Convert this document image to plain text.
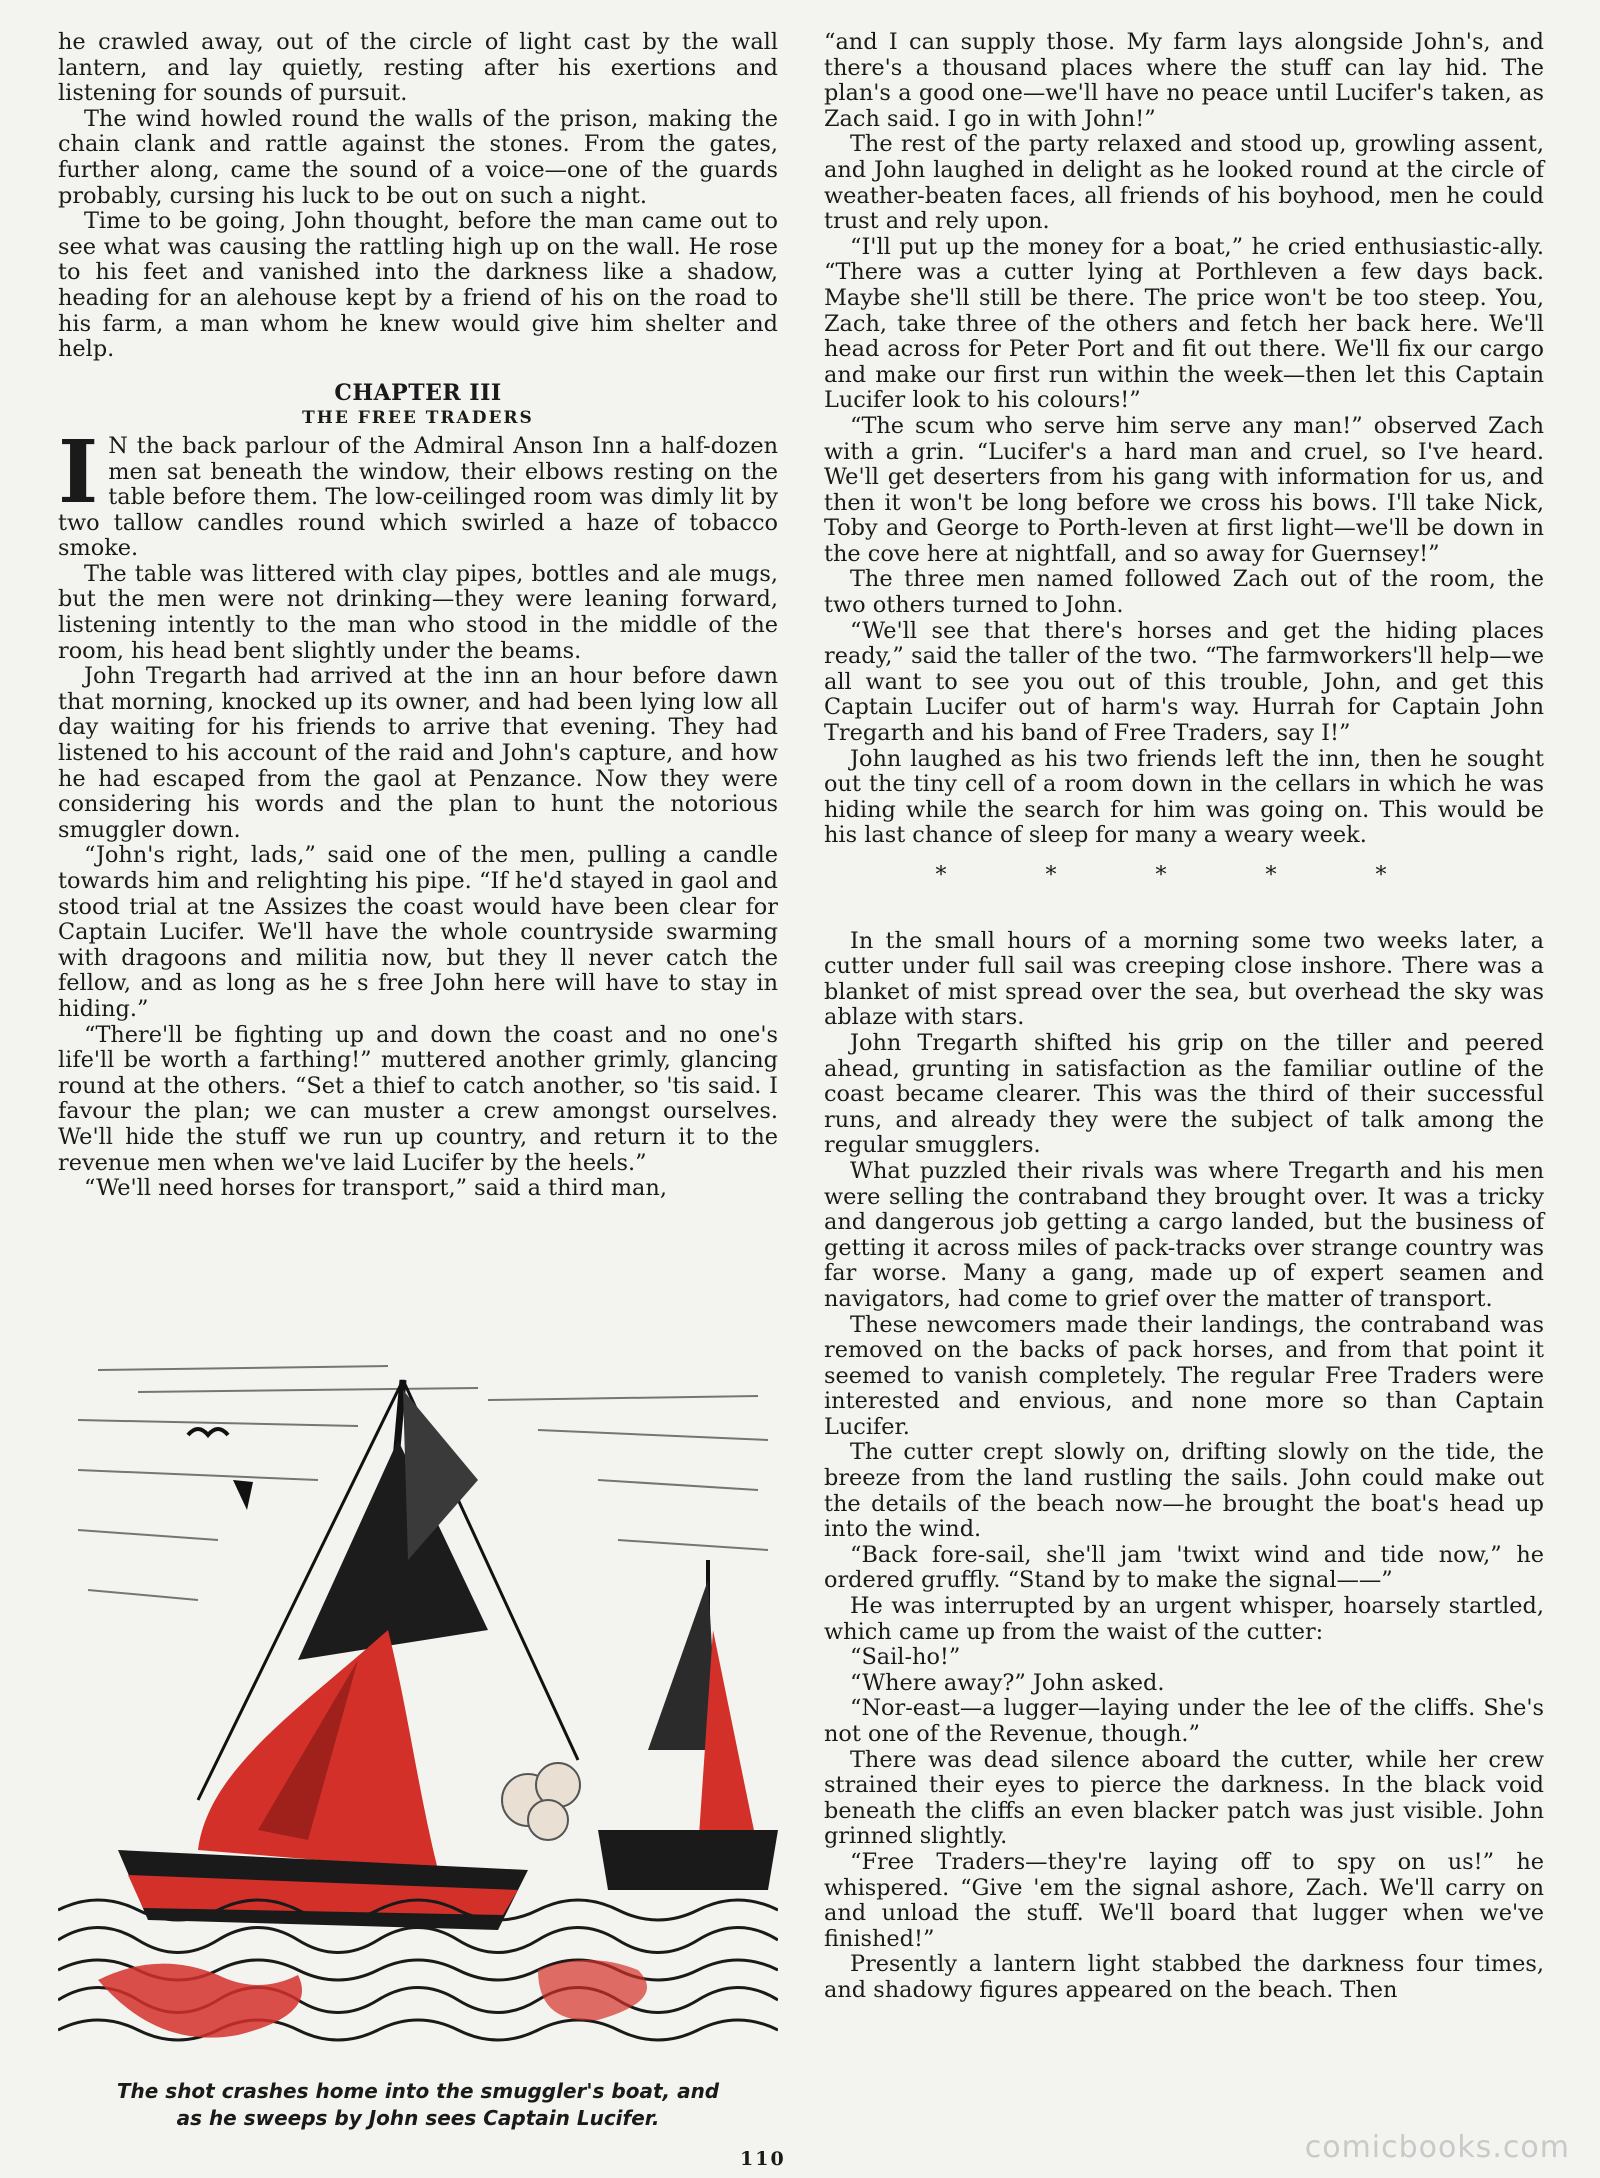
he crawled away, out of the circle of light cast by the wall lantern, and lay quietly, resting after his exertions and listening for sounds of pursuit.

The wind howled round the walls of the prison, making the chain clank and rattle against the stones. From the gates, further along, came the sound of a voice—one of the guards probably, cursing his luck to be out on such a night.

Time to be going, John thought, before the man came out to see what was causing the rattling high up on the wall. He rose to his feet and vanished into the darkness like a shadow, heading for an alehouse kept by a friend of his on the road to his farm, a man whom he knew would give him shelter and help.

CHAPTER III
THE FREE TRADERS

I N the back parlour of the Admiral Anson Inn a half-dozen men sat beneath the window, their elbows resting on the table before them. The low-ceilinged room was dimly lit by two tallow candles round which swirled a haze of tobacco smoke.

The table was littered with clay pipes, bottles and ale mugs, but the men were not drinking—they were leaning forward, listening intently to the man who stood in the middle of the room, his head bent slightly under the beams.

John Tregarth had arrived at the inn an hour before dawn that morning, knocked up its owner, and had been lying low all day waiting for his friends to arrive that evening. They had listened to his account of the raid and John's capture, and how he had escaped from the gaol at Penzance. Now they were considering his words and the plan to hunt the notorious smuggler down.

“John's right, lads,” said one of the men, pulling a candle towards him and relighting his pipe. “If he'd stayed in gaol and stood trial at tne Assizes the coast would have been clear for Captain Lucifer. We'll have the whole countryside swarming with dragoons and militia now, but they ll never catch the fellow, and as long as he s free John here will have to stay in hiding.”

“There'll be fighting up and down the coast and no one's life'll be worth a farthing!” muttered another grimly, glancing round at the others. “Set a thief to catch another, so 'tis said. I favour the plan; we can muster a crew amongst ourselves. We'll hide the stuff we run up country, and return it to the revenue men when we've laid Lucifer by the heels.”

“We'll need horses for transport,” said a third man,

The shot crashes home into the smuggler's boat, and
as he sweeps by John sees Captain Lucifer.

“and I can supply those. My farm lays alongside John's, and there's a thousand places where the stuff can lay hid. The plan's a good one—we'll have no peace until Lucifer's taken, as Zach said. I go in with John!”

The rest of the party relaxed and stood up, growling assent, and John laughed in delight as he looked round at the circle of weather-beaten faces, all friends of his boyhood, men he could trust and rely upon.

“I'll put up the money for a boat,” he cried enthusiastic-ally. “There was a cutter lying at Porthleven a few days back. Maybe she'll still be there. The price won't be too steep. You, Zach, take three of the others and fetch her back here. We'll head across for Peter Port and fit out there. We'll fix our cargo and make our first run within the week—then let this Captain Lucifer look to his colours!”

“The scum who serve him serve any man!” observed Zach with a grin. “Lucifer's a hard man and cruel, so I've heard. We'll get deserters from his gang with information for us, and then it won't be long before we cross his bows. I'll take Nick, Toby and George to Porth-leven at first light—we'll be down in the cove here at nightfall, and so away for Guernsey!”

The three men named followed Zach out of the room, the two others turned to John.

“We'll see that there's horses and get the hiding places ready,” said the taller of the two. “The farmworkers'll help—we all want to see you out of this trouble, John, and get this Captain Lucifer out of harm's way. Hurrah for Captain John Tregarth and his band of Free Traders, say I!”

John laughed as his two friends left the inn, then he sought out the tiny cell of a room down in the cellars in which he was hiding while the search for him was going on. This would be his last chance of sleep for many a weary week.

* * * * *

In the small hours of a morning some two weeks later, a cutter under full sail was creeping close inshore. There was a blanket of mist spread over the sea, but overhead the sky was ablaze with stars.

John Tregarth shifted his grip on the tiller and peered ahead, grunting in satisfaction as the familiar outline of the coast became clearer. This was the third of their successful runs, and already they were the subject of talk among the regular smugglers.

What puzzled their rivals was where Tregarth and his men were selling the contraband they brought over. It was a tricky and dangerous job getting a cargo landed, but the business of getting it across miles of pack-tracks over strange country was far worse. Many a gang, made up of expert seamen and navigators, had come to grief over the matter of transport.

These newcomers made their landings, the contraband was removed on the backs of pack horses, and from that point it seemed to vanish completely. The regular Free Traders were interested and envious, and none more so than Captain Lucifer.

The cutter crept slowly on, drifting slowly on the tide, the breeze from the land rustling the sails. John could make out the details of the beach now—he brought the boat's head up into the wind.

“Back fore-sail, she'll jam 'twixt wind and tide now,” he ordered gruffly. “Stand by to make the signal——”

He was interrupted by an urgent whisper, hoarsely startled, which came up from the waist of the cutter:

“Sail-ho!”

“Where away?” John asked.

“Nor-east—a lugger—laying under the lee of the cliffs. She's not one of the Revenue, though.”

There was dead silence aboard the cutter, while her crew strained their eyes to pierce the darkness. In the black void beneath the cliffs an even blacker patch was just visible. John grinned slightly.

“Free Traders—they're laying off to spy on us!” he whispered. “Give 'em the signal ashore, Zach. We'll carry on and unload the stuff. We'll board that lugger when we've finished!”

Presently a lantern light stabbed the darkness four times, and shadowy figures appeared on the beach. Then

110	comicbooks.com
